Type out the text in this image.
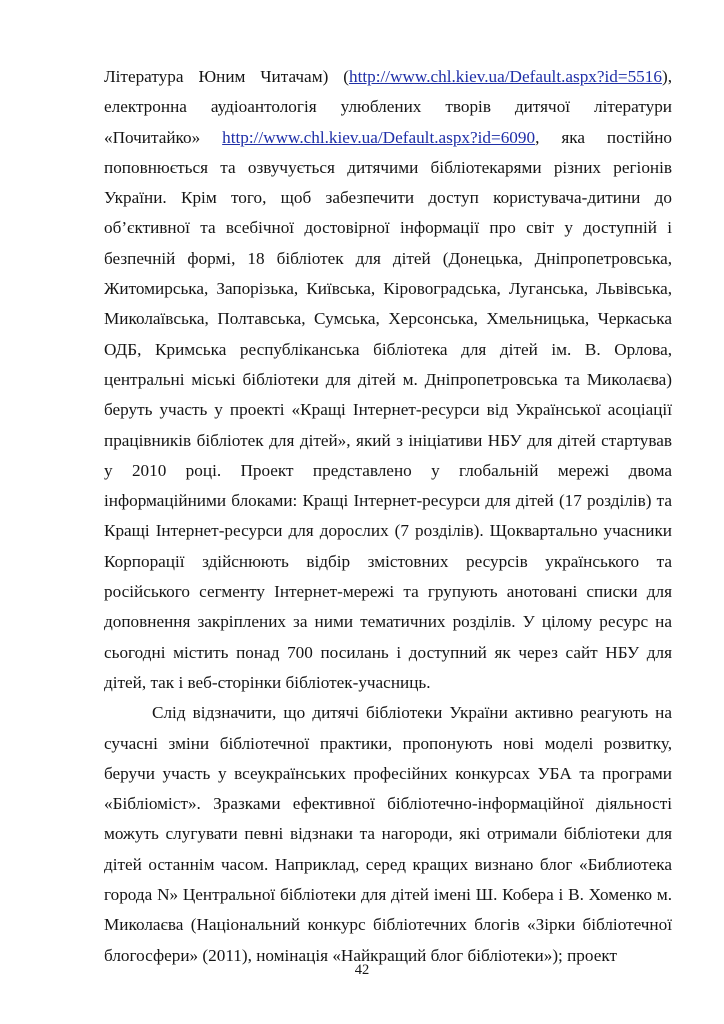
Література Юним Читачам) (http://www.chl.kiev.ua/Default.aspx?id=5516), електронна аудіоантологія улюблених творів дитячої літератури «Почитайко» http://www.chl.kiev.ua/Default.aspx?id=6090, яка постійно поповнюється та озвучується дитячими бібліотекарями різних регіонів України. Крім того, щоб забезпечити доступ користувача-дитини до об’єктивної та всебічної достовірної інформації про світ у доступній і безпечній формі, 18 бібліотек для дітей (Донецька, Дніпропетровська, Житомирська, Запорізька, Київська, Кіровоградська, Луганська, Львівська, Миколаївська, Полтавська, Сумська, Херсонська, Хмельницька, Черкаська ОДБ, Кримська республіканська бібліотека для дітей ім. В. Орлова, центральні міські бібліотеки для дітей м. Дніпропетровська та Миколаєва) беруть участь у проекті «Кращі Інтернет-ресурси від Української асоціації працівників бібліотек для дітей», який з ініціативи НБУ для дітей стартував у 2010 році. Проект представлено у глобальній мережі двома інформаційними блоками: Кращі Інтернет-ресурси для дітей (17 розділів) та Кращі Інтернет-ресурси для дорослих (7 розділів). Щоквартально учасники Корпорації здійснюють відбір змістовних ресурсів українського та російського сегменту Інтернет-мережі та групують анотовані списки для доповнення закріплених за ними тематичних розділів. У цілому ресурс на сьогодні містить понад 700 посилань і доступний як через сайт НБУ для дітей, так і веб-сторінки бібліотек-учасниць.

Слід відзначити, що дитячі бібліотеки України активно реагують на сучасні зміни бібліотечної практики, пропонують нові моделі розвитку, беручи участь у всеукраїнських професійних конкурсах УБА та програми «Бібліоміст». Зразками ефективної бібліотечно-інформаційної діяльності можуть слугувати певні відзнаки та нагороди, які отримали бібліотеки для дітей останнім часом. Наприклад, серед кращих визнано блог «Библиотека города N» Центральної бібліотеки для дітей імені Ш. Кобера і В. Хоменко м. Миколаєва (Національний конкурс бібліотечних блогів «Зірки бібліотечної блогосфери» (2011), номінація «Найкращий блог бібліотеки»); проект

42
